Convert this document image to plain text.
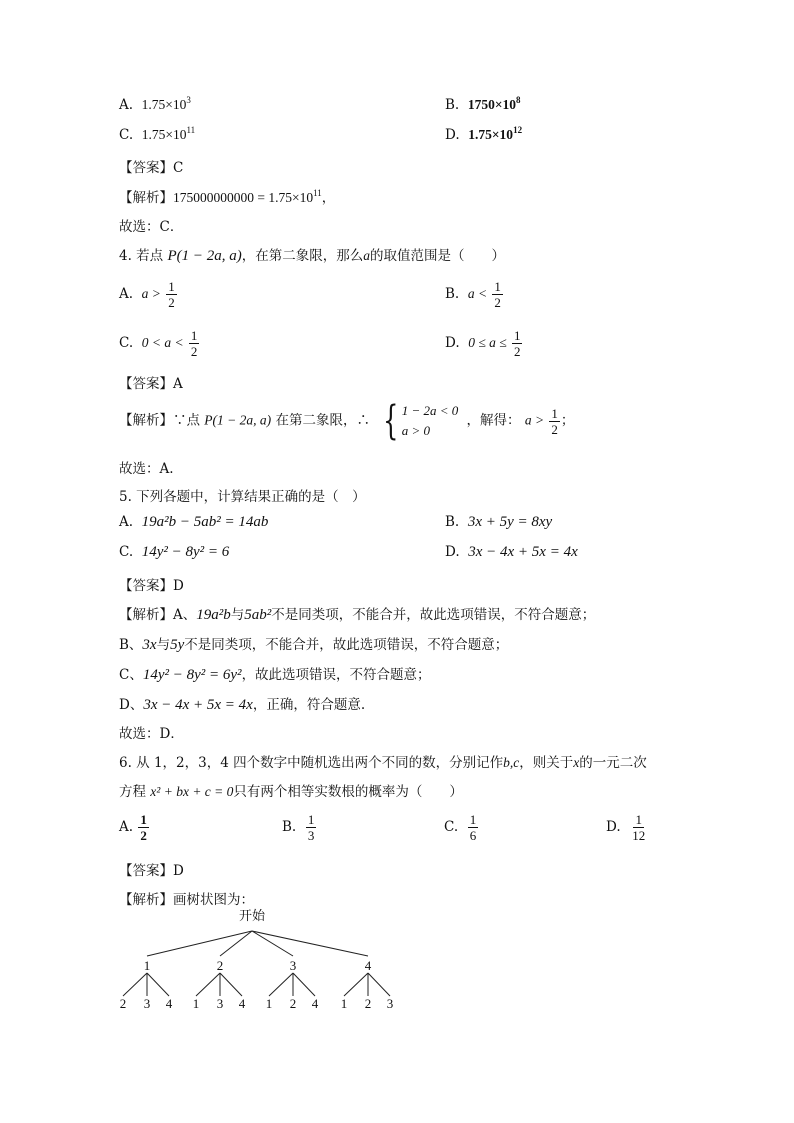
A. $1.75\times 10^3$	B. $1750\times 10^8$
C. $1.75\times 10^{11}$	D. $1.75\times 10^{12}$
【答案】C
【解析】$175000000000 = 1.75\times 10^{11}$，
故选：C．
4. 若点 P(1 − 2a, a)，在第二象限，那么a的取值范围是（　　）
A. $a > \frac{1}{2}$	B. $a < \frac{1}{2}$
C. $0 < a < \frac{1}{2}$	D. $0 \le a \le \frac{1}{2}$
【答案】A
【解析】∵点 P(1 − 2a, a) 在第二象限，∴ { 1 − 2a < 0
a > 0
，解得： $a > \frac{1}{2}$ ；
故选：A.
5. 下列各题中，计算结果正确的是（　）
A. 19a²b − 5ab² = 14ab	B. 3x + 5y = 8xy
C. 14y² − 8y² = 6	D. 3x − 4x + 5x = 4x
【答案】D
【解析】A、19a²b与5ab²不是同类项，不能合并，故此选项错误，不符合题意；
B、3x与5y不是同类项，不能合并，故此选项错误，不符合题意；
C、14y² − 8y² = 6y²，故此选项错误，不符合题意；
D、3x − 4x + 5x = 4x，正确，符合题意.
故选：D．
6. 从 1，2，3，4 四个数字中随机选出两个不同的数，分别记作b,c，则关于x的一元二次
方程 x² + bx + c = 0只有两个相等实数根的概率为（　　）
A. $\frac{1}{2}$	B. $\frac{1}{3}$	C. $\frac{1}{6}$	D. $\frac{1}{12}$
【答案】D
【解析】画树状图为：
开始
1
2 3 4
2
1 3 4
3
1 2 4
4
1 2 3
